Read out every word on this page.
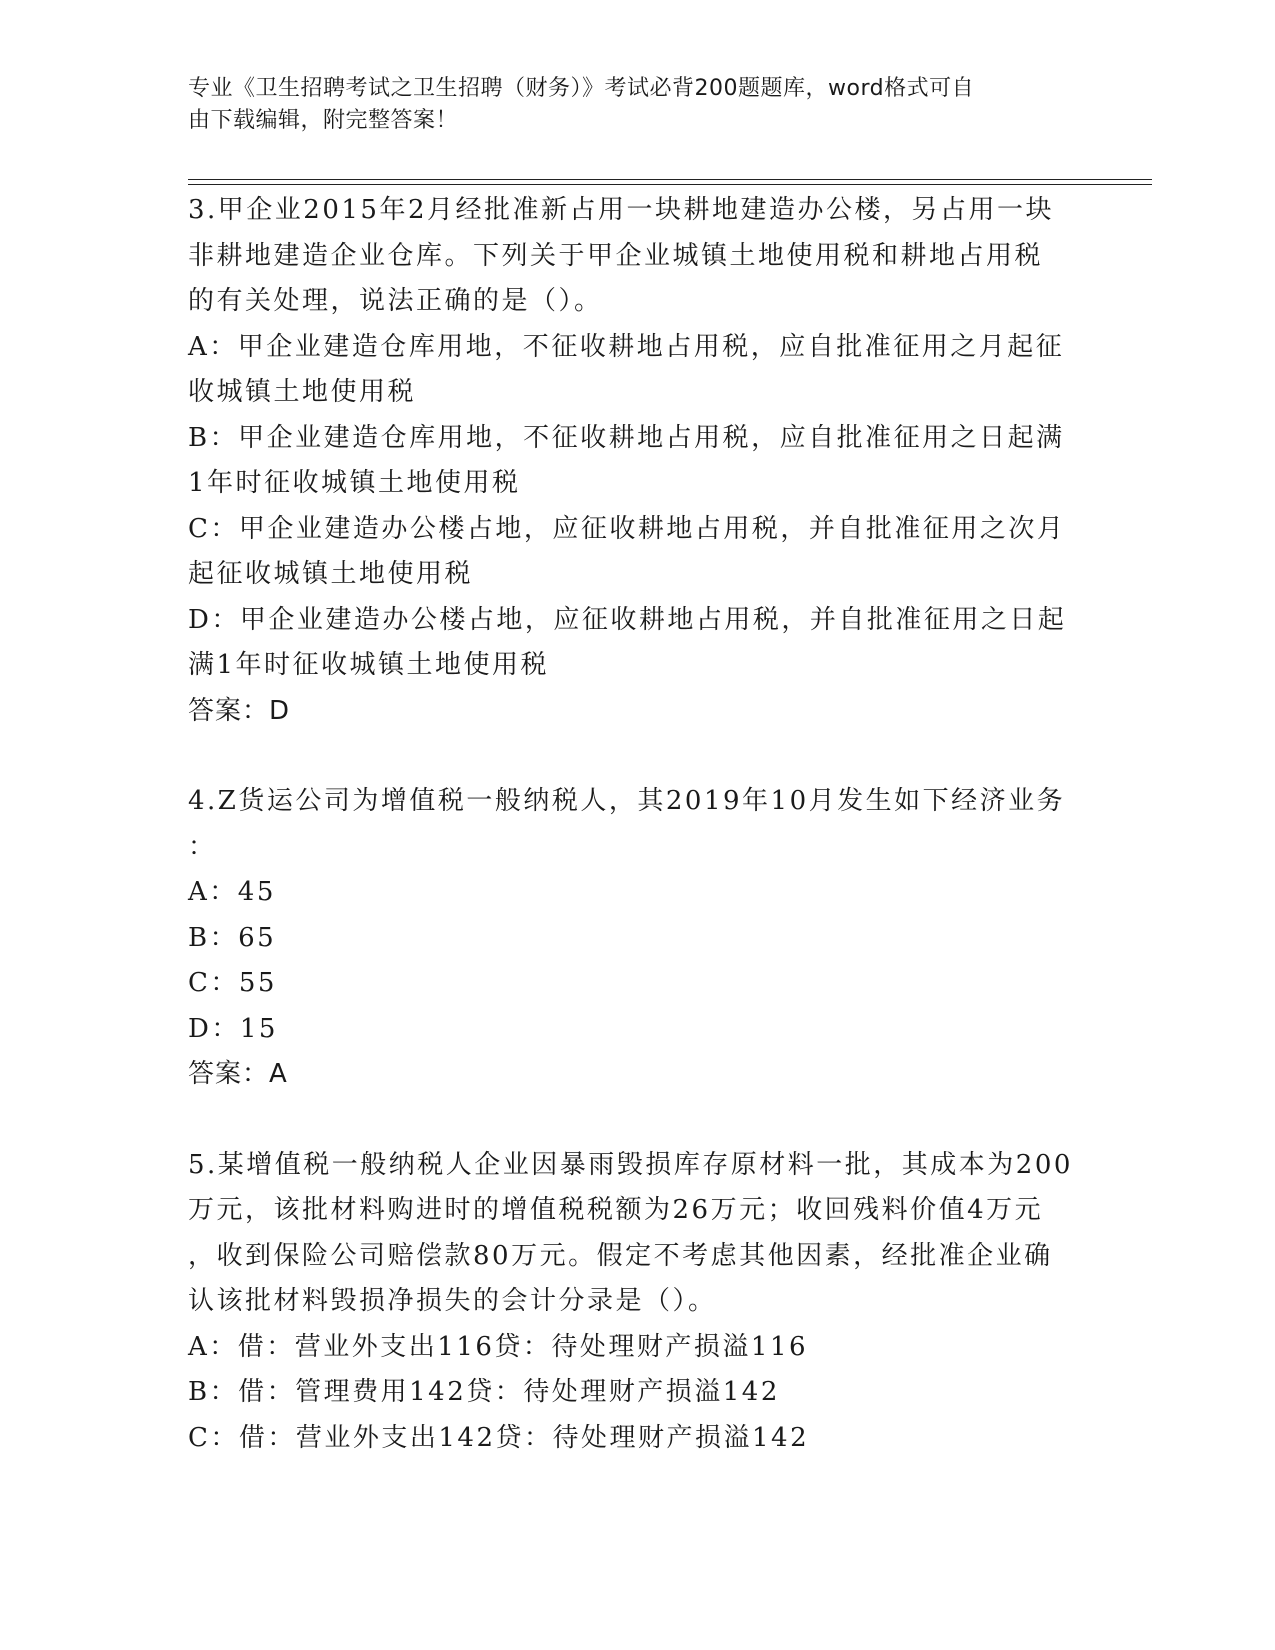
专业《卫生招聘考试之卫生招聘（财务）》考试必背200题题库，word格式可自
由下载编辑，附完整答案！

3.甲企业2015年2月经批准新占用一块耕地建造办公楼，另占用一块

非耕地建造企业仓库。下列关于甲企业城镇土地使用税和耕地占用税

的有关处理，说法正确的是（）。

A：甲企业建造仓库用地，不征收耕地占用税，应自批准征用之月起征

收城镇土地使用税

B：甲企业建造仓库用地，不征收耕地占用税，应自批准征用之日起满

1年时征收城镇土地使用税

C：甲企业建造办公楼占地，应征收耕地占用税，并自批准征用之次月

起征收城镇土地使用税

D：甲企业建造办公楼占地，应征收耕地占用税，并自批准征用之日起

满1年时征收城镇土地使用税

答案：D

4.Z货运公司为增值税一般纳税人，其2019年10月发生如下经济业务

：

A：45

B：65

C：55

D：15

答案：A

5.某增值税一般纳税人企业因暴雨毁损库存原材料一批，其成本为200

万元，该批材料购进时的增值税税额为26万元；收回残料价值4万元

，收到保险公司赔偿款80万元。假定不考虑其他因素，经批准企业确

认该批材料毁损净损失的会计分录是（）。

A：借：营业外支出116贷：待处理财产损溢116

B：借：管理费用142贷：待处理财产损溢142

C：借：营业外支出142贷：待处理财产损溢142
